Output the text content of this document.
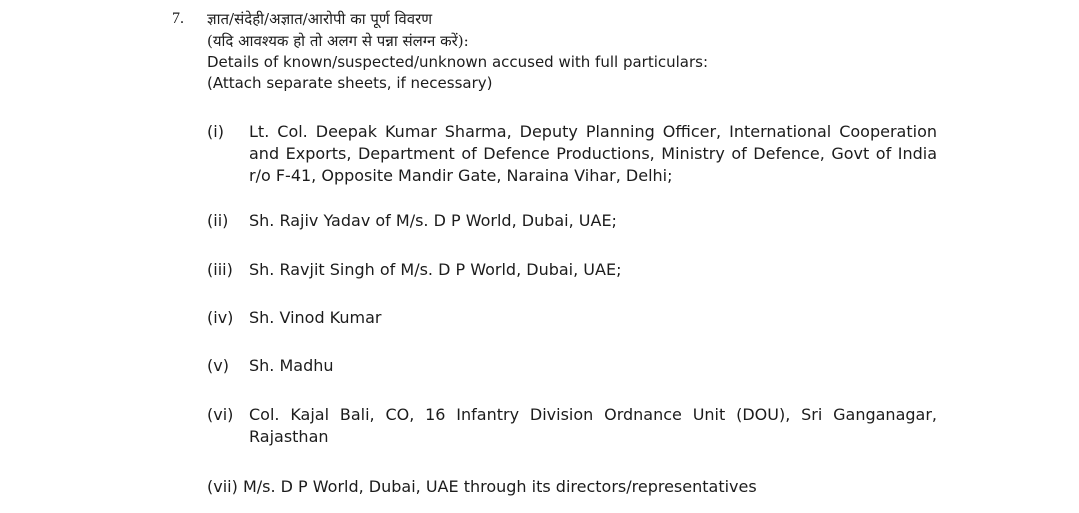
7. ज्ञात/संदेही/अज्ञात/आरोपी का पूर्ण विवरण
(यदि आवश्यक हो तो अलग से पन्ना संलग्न करें):
Details of known/suspected/unknown accused with full particulars:
(Attach separate sheets, if necessary)
(i) Lt. Col. Deepak Kumar Sharma, Deputy Planning Officer, International Cooperation and Exports, Department of Defence Productions, Ministry of Defence, Govt of India r/o F-41, Opposite Mandir Gate, Naraina Vihar, Delhi;
(ii) Sh. Rajiv Yadav of M/s. D P World, Dubai, UAE;
(iii) Sh. Ravjit Singh of M/s. D P World, Dubai, UAE;
(iv) Sh. Vinod Kumar
(v) Sh. Madhu
(vi) Col. Kajal Bali, CO, 16 Infantry Division Ordnance Unit (DOU), Sri Ganganagar, Rajasthan
(vii) M/s. D P World, Dubai, UAE through its directors/representatives
